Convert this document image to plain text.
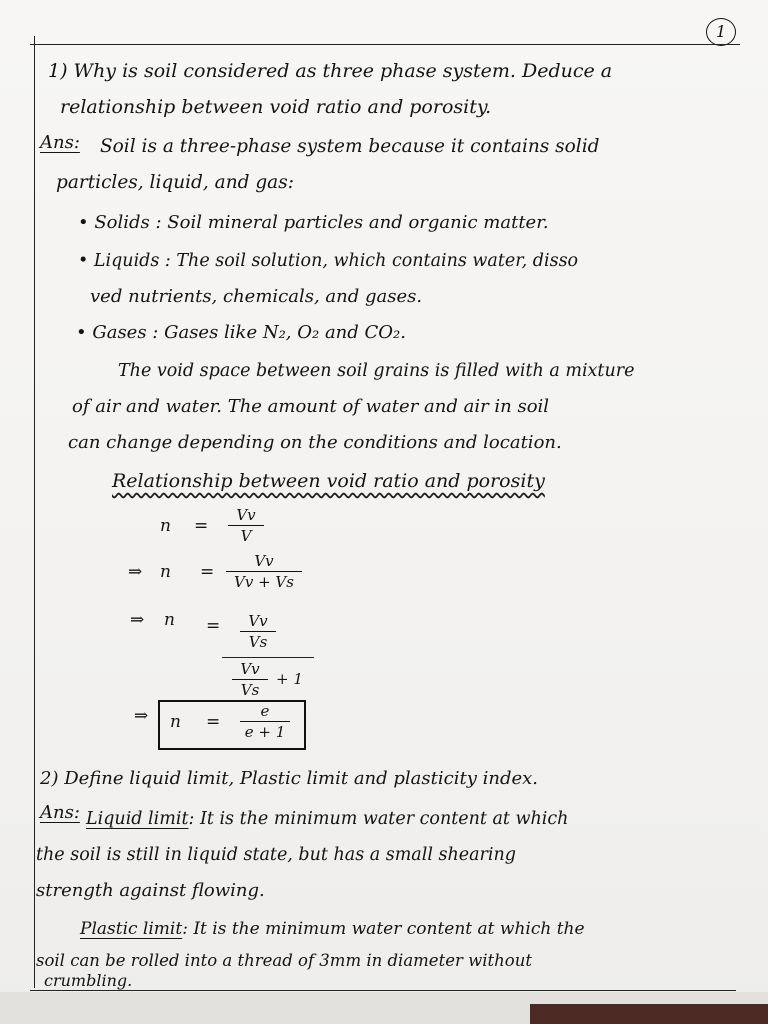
1
1) Why is soil considered as three phase system. Deduce a
relationship between void ratio and porosity.
Ans: Soil is a three-phase system because it contains solid
particles, liquid, and gas:
• Solids : Soil mineral particles and organic matter.
• Liquids : The soil solution, which contains water, disso
ved nutrients, chemicals, and gases.
• Gases : Gases like N₂, O₂ and CO₂.
The void space between soil grains is filled with a mixture
of air and water. The amount of water and air in soil
can change depending on the conditions and location.
Relationship between void ratio and porosity
n =
Vv
V
⇒ n =
Vv
Vv + Vs
⇒ n =	Vv
Vs
Vv
Vs
+ 1
⇒ n =
e
e + 1
2) Define liquid limit, Plastic limit and plasticity index.
Ans: Liquid limit: It is the minimum water content at which
the soil is still in liquid state, but has a small shearing
strength against flowing.
Plastic limit: It is the minimum water content at which the
soil can be rolled into a thread of 3mm in diameter without
crumbling.
